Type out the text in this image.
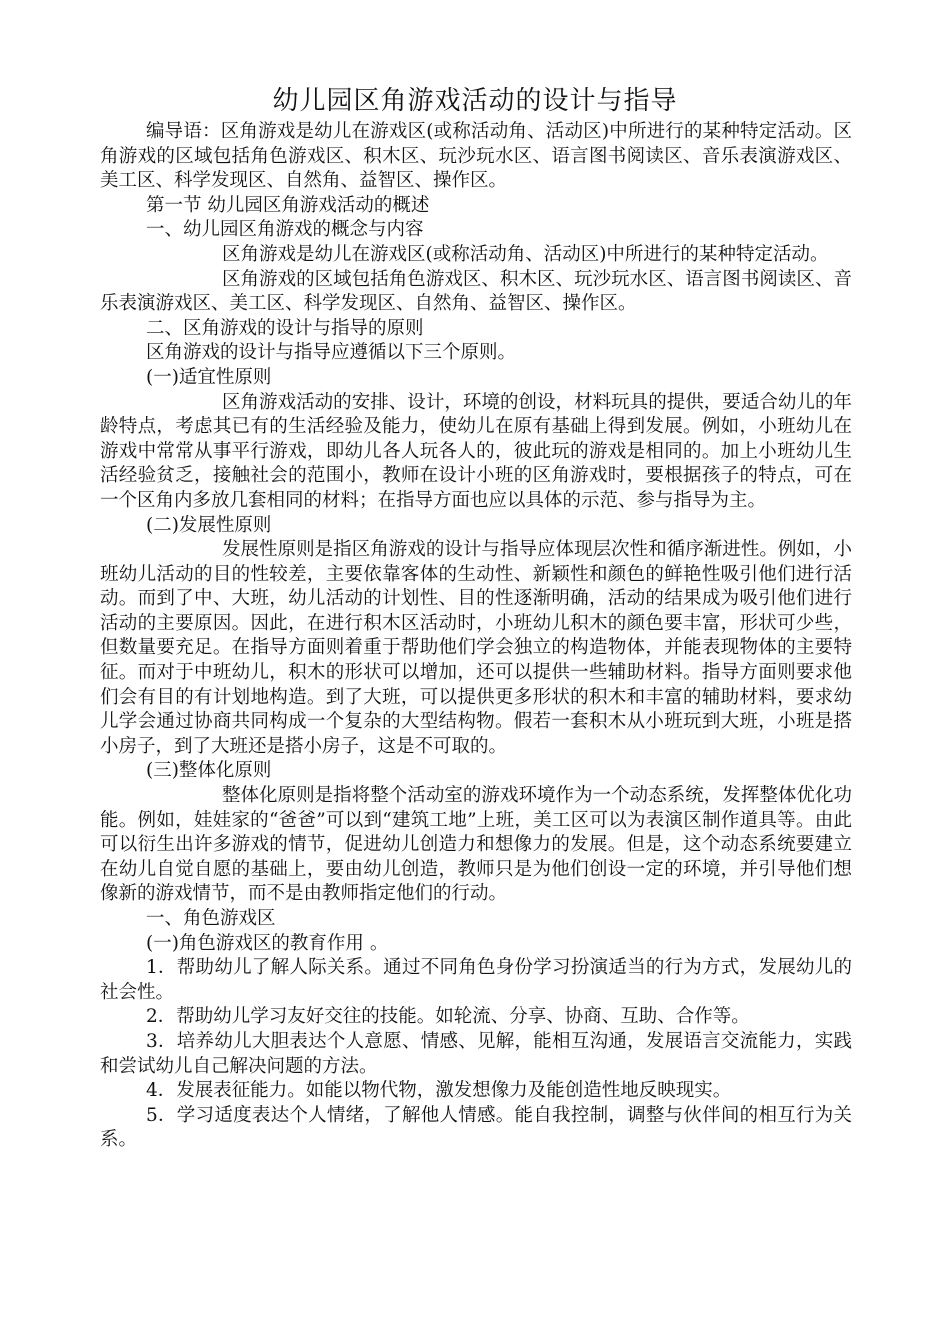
幼儿园区角游戏活动的设计与指导

编导语：区角游戏是幼儿在游戏区(或称活动角、活动区)中所进行的某种特定活动。区角游戏的区域包括角色游戏区、积木区、玩沙玩水区、语言图书阅读区、音乐表演游戏区、美工区、科学发现区、自然角、益智区、操作区。

第一节 幼儿园区角游戏活动的概述

一、幼儿园区角游戏的概念与内容

区角游戏是幼儿在游戏区(或称活动角、活动区)中所进行的某种特定活动。

区角游戏的区域包括角色游戏区、积木区、玩沙玩水区、语言图书阅读区、音乐表演游戏区、美工区、科学发现区、自然角、益智区、操作区。

二、区角游戏的设计与指导的原则

区角游戏的设计与指导应遵循以下三个原则。

(一)适宜性原则

区角游戏活动的安排、设计，环境的创设，材料玩具的提供，要适合幼儿的年龄特点，考虑其已有的生活经验及能力，使幼儿在原有基础上得到发展。例如，小班幼儿在游戏中常常从事平行游戏，即幼儿各人玩各人的，彼此玩的游戏是相同的。加上小班幼儿生活经验贫乏，接触社会的范围小，教师在设计小班的区角游戏时，要根据孩子的特点，可在一个区角内多放几套相同的材料；在指导方面也应以具体的示范、参与指导为主。

(二)发展性原则

发展性原则是指区角游戏的设计与指导应体现层次性和循序渐进性。例如，小班幼儿活动的目的性较差，主要依靠客体的生动性、新颖性和颜色的鲜艳性吸引他们进行活动。而到了中、大班，幼儿活动的计划性、目的性逐渐明确，活动的结果成为吸引他们进行活动的主要原因。因此，在进行积木区活动时，小班幼儿积木的颜色要丰富，形状可少些，但数量要充足。在指导方面则着重于帮助他们学会独立的构造物体，并能表现物体的主要特征。而对于中班幼儿，积木的形状可以增加，还可以提供一些辅助材料。指导方面则要求他们会有目的有计划地构造。到了大班，可以提供更多形状的积木和丰富的辅助材料，要求幼儿学会通过协商共同构成一个复杂的大型结构物。假若一套积木从小班玩到大班，小班是搭小房子，到了大班还是搭小房子，这是不可取的。

(三)整体化原则

整体化原则是指将整个活动室的游戏环境作为一个动态系统，发挥整体优化功能。例如，娃娃家的“爸爸”可以到“建筑工地”上班，美工区可以为表演区制作道具等。由此可以衍生出许多游戏的情节，促进幼儿创造力和想像力的发展。但是，这个动态系统要建立在幼儿自觉自愿的基础上，要由幼儿创造，教师只是为他们创设一定的环境，并引导他们想像新的游戏情节，而不是由教师指定他们的行动。

一、角色游戏区

(一)角色游戏区的教育作用 。

1．帮助幼儿了解人际关系。通过不同角色身份学习扮演适当的行为方式，发展幼儿的社会性。

2．帮助幼儿学习友好交往的技能。如轮流、分享、协商、互助、合作等。

3．培养幼儿大胆表达个人意愿、情感、见解，能相互沟通，发展语言交流能力，实践和尝试幼儿自己解决问题的方法。

4．发展表征能力。如能以物代物，激发想像力及能创造性地反映现实。

5．学习适度表达个人情绪，了解他人情感。能自我控制，调整与伙伴间的相互行为关系。
